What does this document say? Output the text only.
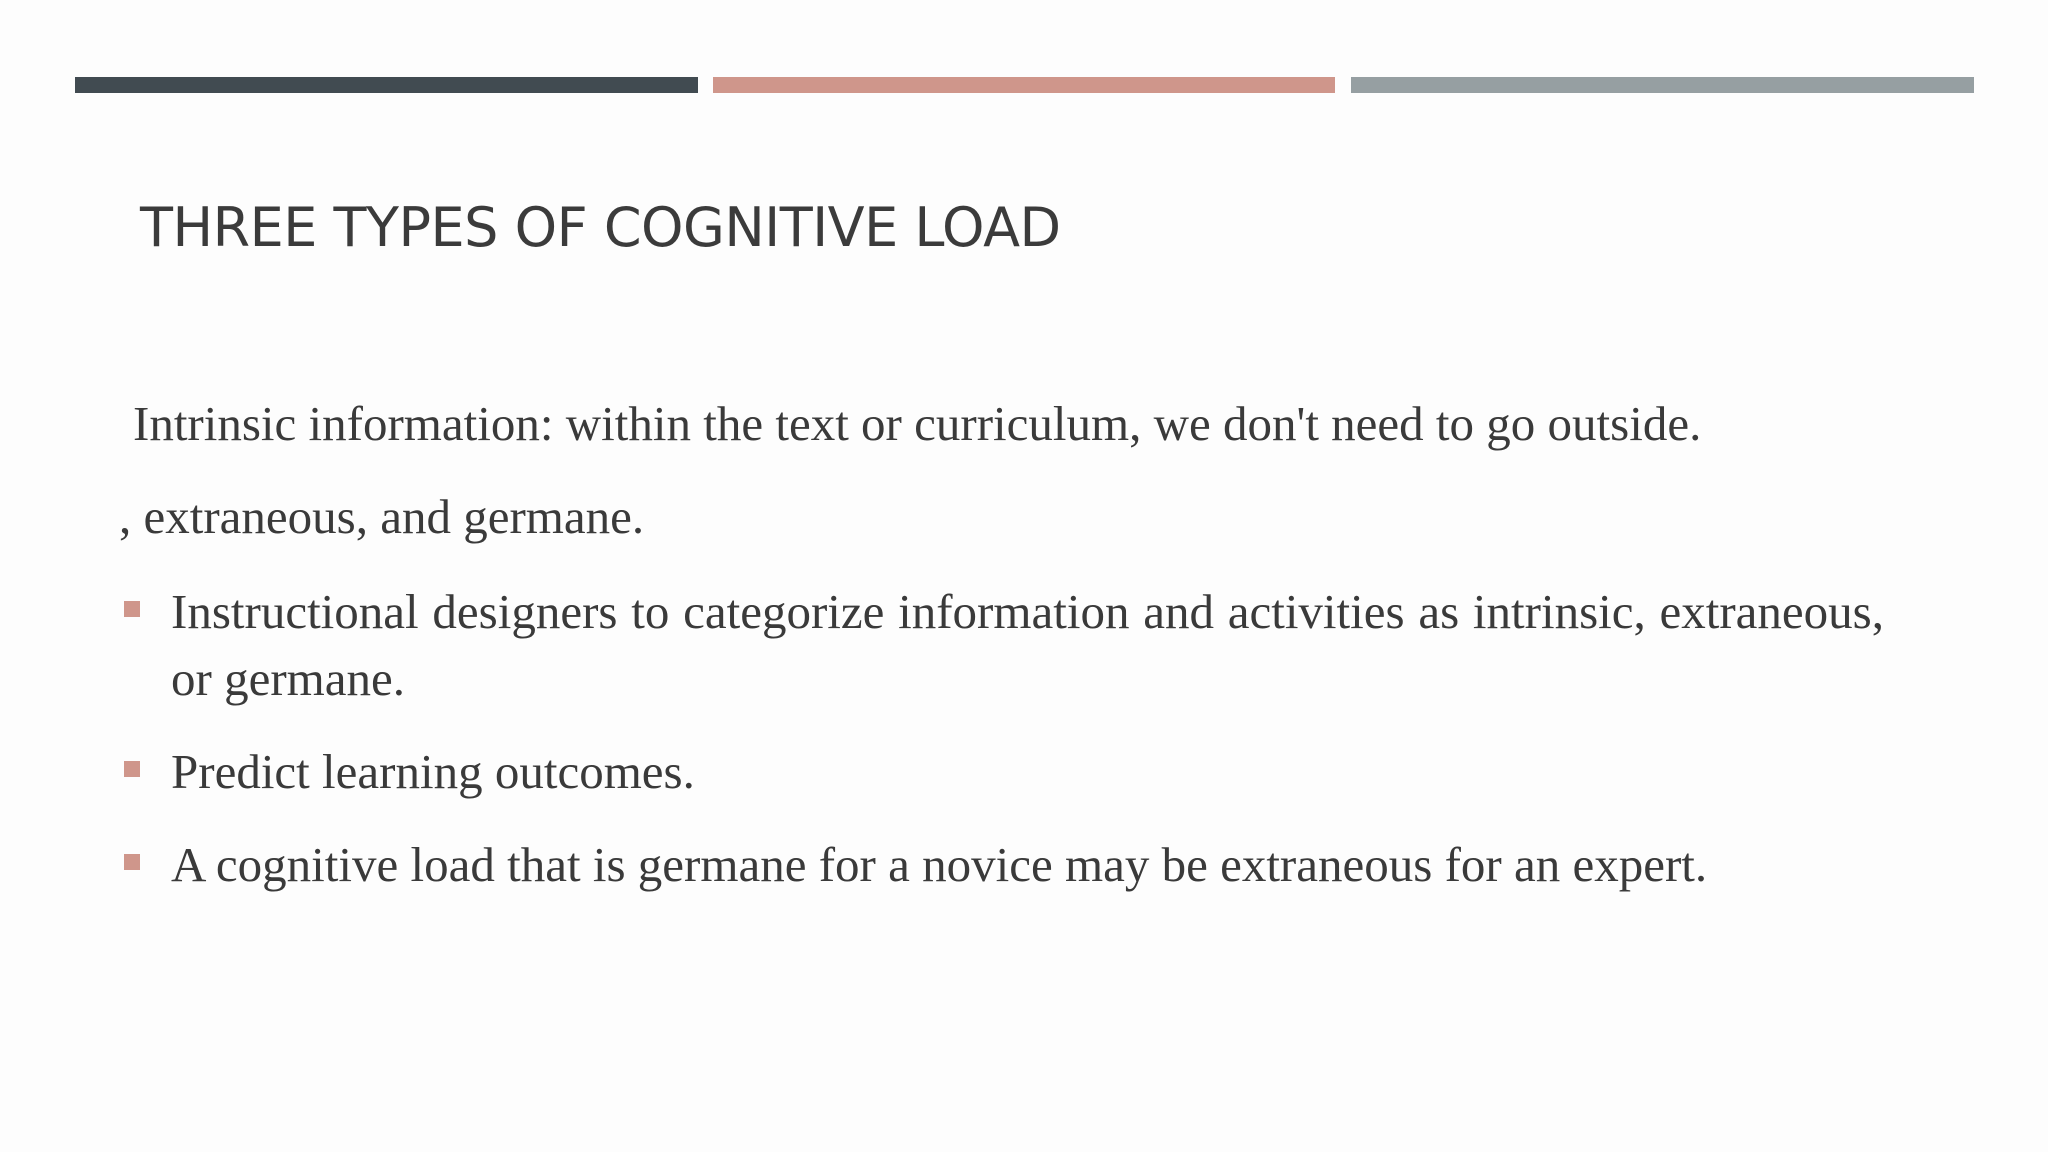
THREE TYPES OF COGNITIVE LOAD
Intrinsic information: within the text or curriculum, we don't need to go outside.
, extraneous, and germane.
Instructional designers to categorize information and activities as intrinsic, extraneous, or germane.
Predict learning outcomes.
A cognitive load that is germane for a novice may be extraneous for an expert.
